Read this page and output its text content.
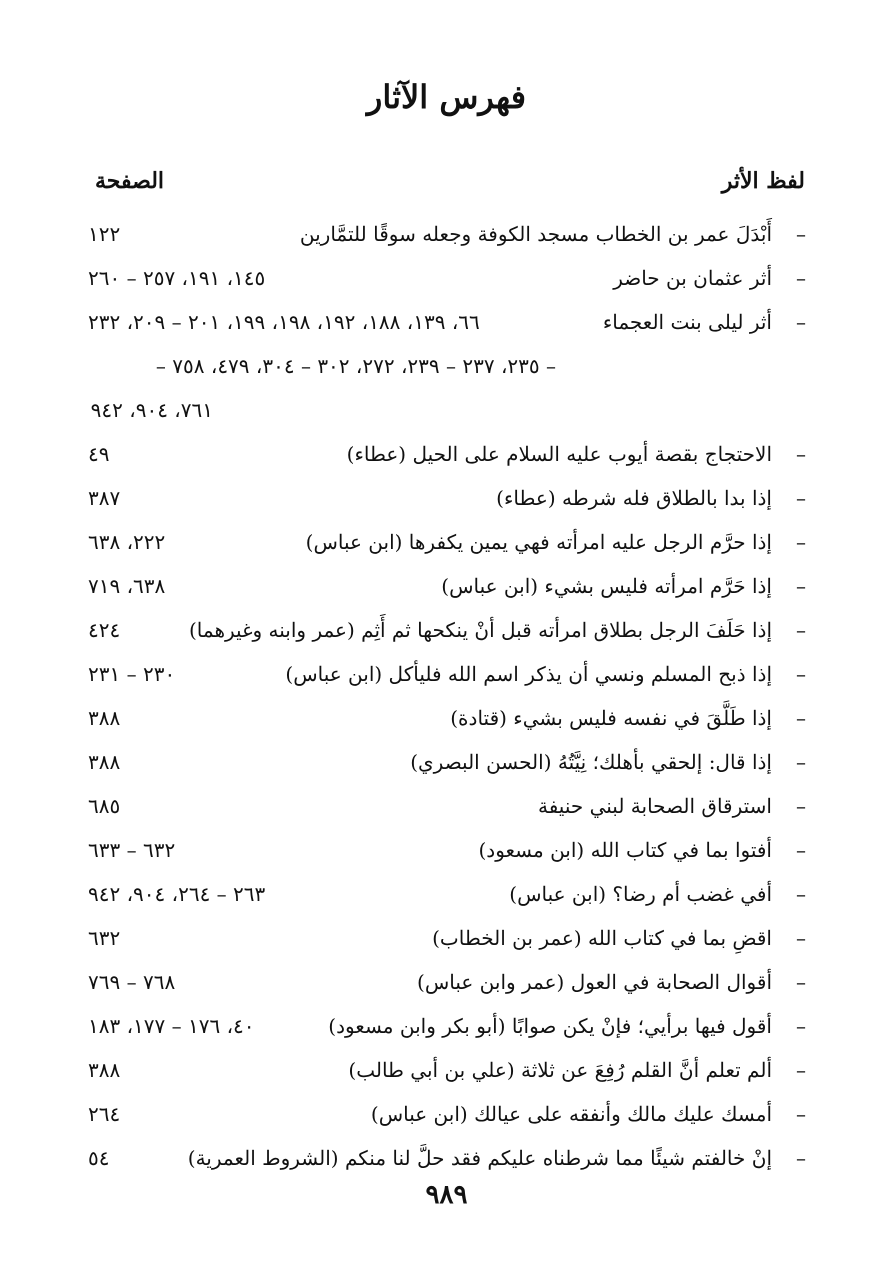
فهرس الآثار
لفظ الأثر
الصفحة
–
أَبْدَلَ عمر بن الخطاب مسجد الكوفة وجعله سوقًا للتمَّارين
١٢٢
–
أثر عثمان بن حاضر
١٤٥، ١٩١، ٢٥٧ – ٢٦٠
–
أثر ليلى بنت العجماء
٦٦، ١٣٩، ١٨٨، ١٩٢، ١٩٨، ١٩٩، ٢٠١ – ٢٠٩، ٢٣٢
– ٢٣٥، ٢٣٧ – ٢٣٩، ٢٧٢، ٣٠٢ – ٣٠٤، ٤٧٩، ٧٥٨ –
٧٦١، ٩٠٤، ٩٤٢
–
الاحتجاج بقصة أيوب عليه السلام على الحيل (عطاء)
٤٩
–
إذا بدا بالطلاق فله شرطه (عطاء)
٣٨٧
–
إذا حرَّم الرجل عليه امرأته فهي يمين يكفرها (ابن عباس)
٢٢٢، ٦٣٨
–
إذا حَرَّم امرأته فليس بشيء (ابن عباس)
٦٣٨، ٧١٩
–
إذا حَلَفَ الرجل بطلاق امرأته قبل أنْ ينكحها ثم أَثِم (عمر وابنه وغيرهما)
٤٢٤
–
إذا ذبح المسلم ونسي أن يذكر اسم الله فليأكل (ابن عباس)
٢٣٠ – ٢٣١
–
إذا طَلَّقَ في نفسه فليس بشيء (قتادة)
٣٨٨
–
إذا قال: إلحقي بأهلك؛ نِيَّتُهُ (الحسن البصري)
٣٨٨
–
استرقاق الصحابة لبني حنيفة
٦٨٥
–
أفتوا بما في كتاب الله (ابن مسعود)
٦٣٢ – ٦٣٣
–
أفي غضب أم رضا؟ (ابن عباس)
٢٦٣ – ٢٦٤، ٩٠٤، ٩٤٢
–
اقضِ بما في كتاب الله (عمر بن الخطاب)
٦٣٢
–
أقوال الصحابة في العول (عمر وابن عباس)
٧٦٨ – ٧٦٩
–
أقول فيها برأيي؛ فإنْ يكن صوابًا (أبو بكر وابن مسعود)
٤٠، ١٧٦ – ١٧٧، ١٨٣
–
ألم تعلم أنَّ القلم رُفِعَ عن ثلاثة (علي بن أبي طالب)
٣٨٨
–
أمسك عليك مالك وأنفقه على عيالك (ابن عباس)
٢٦٤
–
إنْ خالفتم شيئًا مما شرطناه عليكم فقد حلَّ لنا منكم (الشروط العمرية)
٥٤
٩٨٩
